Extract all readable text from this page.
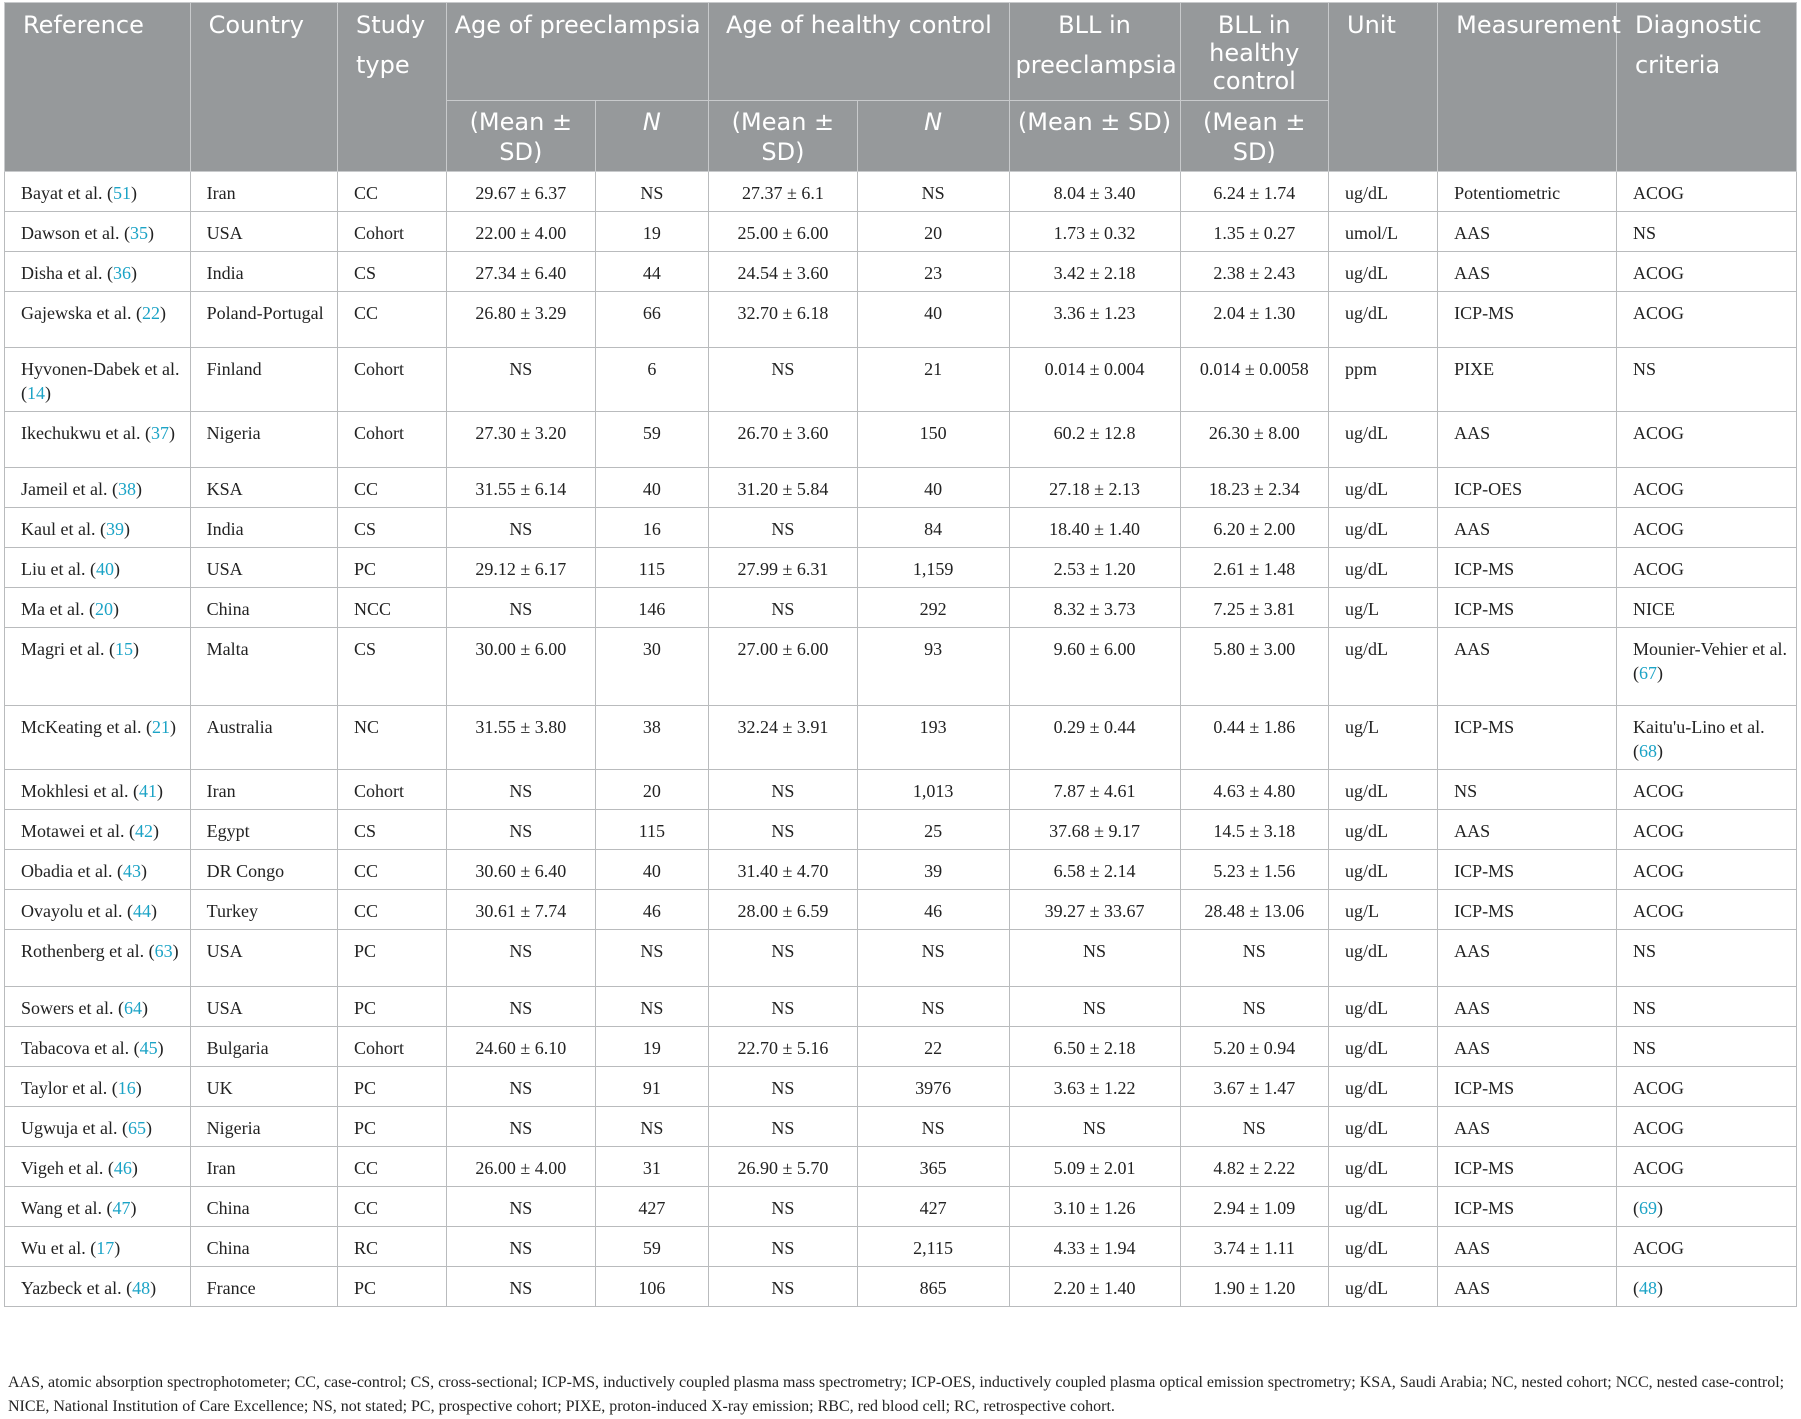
Reference	Country	Study type	Age of preeclampsia		Age of healthy control		BLL in preeclampsia	BLL in healthy control	Unit	Measurement	Diagnostic criteria
			(Mean ± SD)	N	(Mean ± SD)	N	(Mean ± SD)	(Mean ± SD)			
Bayat et al. (51)	Iran	CC	29.67 ± 6.37	NS	27.37 ± 6.1	NS	8.04 ± 3.40	6.24 ± 1.74	ug/dL	Potentiometric	ACOG
Dawson et al. (35)	USA	Cohort	22.00 ± 4.00	19	25.00 ± 6.00	20	1.73 ± 0.32	1.35 ± 0.27	umol/L	AAS	NS
Disha et al. (36)	India	CS	27.34 ± 6.40	44	24.54 ± 3.60	23	3.42 ± 2.18	2.38 ± 2.43	ug/dL	AAS	ACOG
Gajewska et al. (22)	Poland-Portugal	CC	26.80 ± 3.29	66	32.70 ± 6.18	40	3.36 ± 1.23	2.04 ± 1.30	ug/dL	ICP-MS	ACOG
Hyvonen-Dabek et al. (14)	Finland	Cohort	NS	6	NS	21	0.014 ± 0.004	0.014 ± 0.0058	ppm	PIXE	NS
Ikechukwu et al. (37)	Nigeria	Cohort	27.30 ± 3.20	59	26.70 ± 3.60	150	60.2 ± 12.8	26.30 ± 8.00	ug/dL	AAS	ACOG
Jameil et al. (38)	KSA	CC	31.55 ± 6.14	40	31.20 ± 5.84	40	27.18 ± 2.13	18.23 ± 2.34	ug/dL	ICP-OES	ACOG
Kaul et al. (39)	India	CS	NS	16	NS	84	18.40 ± 1.40	6.20 ± 2.00	ug/dL	AAS	ACOG
Liu et al. (40)	USA	PC	29.12 ± 6.17	115	27.99 ± 6.31	1,159	2.53 ± 1.20	2.61 ± 1.48	ug/dL	ICP-MS	ACOG
Ma et al. (20)	China	NCC	NS	146	NS	292	8.32 ± 3.73	7.25 ± 3.81	ug/L	ICP-MS	NICE
Magri et al. (15)	Malta	CS	30.00 ± 6.00	30	27.00 ± 6.00	93	9.60 ± 6.00	5.80 ± 3.00	ug/dL	AAS	Mounier-Vehier et al. (67)
McKeating et al. (21)	Australia	NC	31.55 ± 3.80	38	32.24 ± 3.91	193	0.29 ± 0.44	0.44 ± 1.86	ug/L	ICP-MS	Kaitu'u-Lino et al. (68)
Mokhlesi et al. (41)	Iran	Cohort	NS	20	NS	1,013	7.87 ± 4.61	4.63 ± 4.80	ug/dL	NS	ACOG
Motawei et al. (42)	Egypt	CS	NS	115	NS	25	37.68 ± 9.17	14.5 ± 3.18	ug/dL	AAS	ACOG
Obadia et al. (43)	DR Congo	CC	30.60 ± 6.40	40	31.40 ± 4.70	39	6.58 ± 2.14	5.23 ± 1.56	ug/dL	ICP-MS	ACOG
Ovayolu et al. (44)	Turkey	CC	30.61 ± 7.74	46	28.00 ± 6.59	46	39.27 ± 33.67	28.48 ± 13.06	ug/L	ICP-MS	ACOG
Rothenberg et al. (63)	USA	PC	NS	NS	NS	NS	NS	NS	ug/dL	AAS	NS
Sowers et al. (64)	USA	PC	NS	NS	NS	NS	NS	NS	ug/dL	AAS	NS
Tabacova et al. (45)	Bulgaria	Cohort	24.60 ± 6.10	19	22.70 ± 5.16	22	6.50 ± 2.18	5.20 ± 0.94	ug/dL	AAS	NS
Taylor et al. (16)	UK	PC	NS	91	NS	3976	3.63 ± 1.22	3.67 ± 1.47	ug/dL	ICP-MS	ACOG
Ugwuja et al. (65)	Nigeria	PC	NS	NS	NS	NS	NS	NS	ug/dL	AAS	ACOG
Vigeh et al. (46)	Iran	CC	26.00 ± 4.00	31	26.90 ± 5.70	365	5.09 ± 2.01	4.82 ± 2.22	ug/dL	ICP-MS	ACOG
Wang et al. (47)	China	CC	NS	427	NS	427	3.10 ± 1.26	2.94 ± 1.09	ug/dL	ICP-MS	(69)
Wu et al. (17)	China	RC	NS	59	NS	2,115	4.33 ± 1.94	3.74 ± 1.11	ug/dL	AAS	ACOG
Yazbeck et al. (48)	France	PC	NS	106	NS	865	2.20 ± 1.40	1.90 ± 1.20	ug/dL	AAS	(48)
AAS, atomic absorption spectrophotometer; CC, case-control; CS, cross-sectional; ICP-MS, inductively coupled plasma mass spectrometry; ICP-OES, inductively coupled plasma optical emission spectrometry; KSA, Saudi Arabia; NC, nested cohort; NCC, nested case-control; NICE, National Institution of Care Excellence; NS, not stated; PC, prospective cohort; PIXE, proton-induced X-ray emission; RBC, red blood cell; RC, retrospective cohort.
